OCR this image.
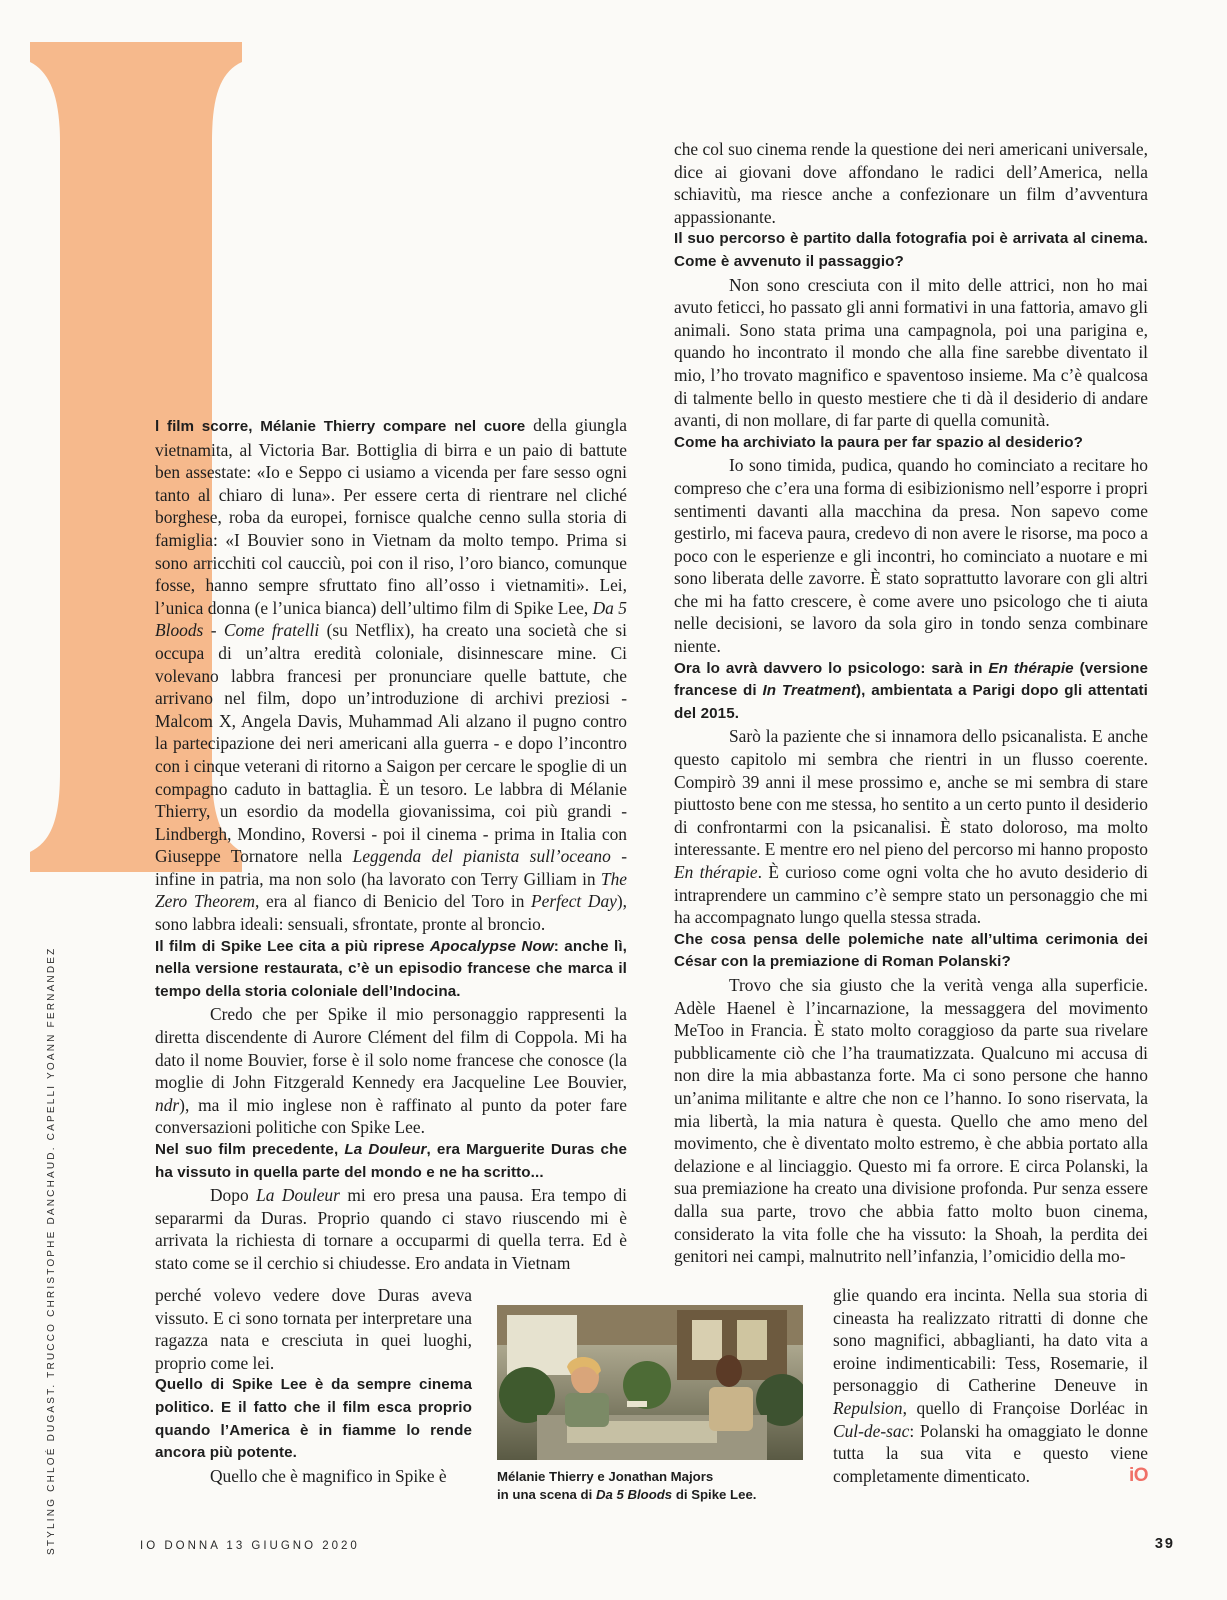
l film scorre, Mélanie Thierry compare nel cuore della giungla vietnamita, al Victoria Bar. Bottiglia di birra e un paio di battute ben assestate: «Io e Seppo ci usiamo a vicenda per fare sesso ogni tanto al chiaro di luna». Per essere certa di rientrare nel cliché borghese, roba da europei, fornisce qualche cenno sulla storia di famiglia: «I Bouvier sono in Vietnam da molto tempo. Prima si sono arricchiti col caucciù, poi con il riso, l’oro bianco, comunque fosse, hanno sempre sfruttato fino all’osso i vietnamiti». Lei, l’unica donna (e l’unica bianca) dell’ultimo film di Spike Lee, Da 5 Bloods - Come fratelli (su Netflix), ha creato una società che si occupa di un’altra eredità coloniale, disinnescare mine. Ci volevano labbra francesi per pronunciare quelle battute, che arrivano nel film, dopo un’introduzione di archivi preziosi - Malcom X, Angela Davis, Muhammad Ali alzano il pugno contro la partecipazione dei neri americani alla guerra - e dopo l’incontro con i cinque veterani di ritorno a Saigon per cercare le spoglie di un compagno caduto in battaglia. È un tesoro. Le labbra di Mélanie Thierry, un esordio da modella giovanissima, coi più grandi - Lindbergh, Mondino, Roversi - poi il cinema - prima in Italia con Giuseppe Tornatore nella Leggenda del pianista sull’oceano - infine in patria, ma non solo (ha lavorato con Terry Gilliam in The Zero Theorem, era al fianco di Benicio del Toro in Perfect Day), sono labbra ideali: sensuali, sfrontate, pronte al broncio.

Il film di Spike Lee cita a più riprese Apocalypse Now: anche lì, nella versione restaurata, c’è un episodio francese che marca il tempo della storia coloniale dell’Indocina.

Credo che per Spike il mio personaggio rappresenti la diretta discendente di Aurore Clément del film di Coppola. Mi ha dato il nome Bouvier, forse è il solo nome francese che conosce (la moglie di John Fitzgerald Kennedy era Jacqueline Lee Bouvier, ndr), ma il mio inglese non è raffinato al punto da poter fare conversazioni politiche con Spike Lee.

Nel suo film precedente, La Douleur, era Marguerite Duras che ha vissuto in quella parte del mondo e ne ha scritto...

Dopo La Douleur mi ero presa una pausa. Era tempo di separarmi da Duras. Proprio quando ci stavo riuscendo mi è arrivata la richiesta di tornare a occuparmi di quella terra. Ed è stato come se il cerchio si chiudesse. Ero andata in Vietnam

perché volevo vedere dove Duras aveva vissuto. E ci sono tornata per interpretare una ragazza nata e cresciuta in quei luoghi, proprio come lei.

Quello di Spike Lee è da sempre cinema politico. E il fatto che il film esca proprio quando l’America è in fiamme lo rende ancora più potente.

Quello che è magnifico in Spike è

che col suo cinema rende la questione dei neri americani universale, dice ai giovani dove affondano le radici dell’America, nella schiavitù, ma riesce anche a confezionare un film d’avventura appassionante.

Il suo percorso è partito dalla fotografia poi è arrivata al cinema. Come è avvenuto il passaggio?

Non sono cresciuta con il mito delle attrici, non ho mai avuto feticci, ho passato gli anni formativi in una fattoria, amavo gli animali. Sono stata prima una campagnola, poi una parigina e, quando ho incontrato il mondo che alla fine sarebbe diventato il mio, l’ho trovato magnifico e spaventoso insieme. Ma c’è qualcosa di talmente bello in questo mestiere che ti dà il desiderio di andare avanti, di non mollare, di far parte di quella comunità.

Come ha archiviato la paura per far spazio al desiderio?

Io sono timida, pudica, quando ho cominciato a recitare ho compreso che c’era una forma di esibizionismo nell’esporre i propri sentimenti davanti alla macchina da presa. Non sapevo come gestirlo, mi faceva paura, credevo di non avere le risorse, ma poco a poco con le esperienze e gli incontri, ho cominciato a nuotare e mi sono liberata delle zavorre. È stato soprattutto lavorare con gli altri che mi ha fatto crescere, è come avere uno psicologo che ti aiuta nelle decisioni, se lavoro da sola giro in tondo senza combinare niente.

Ora lo avrà davvero lo psicologo: sarà in En thérapie (versione francese di In Treatment), ambientata a Parigi dopo gli attentati del 2015.

Sarò la paziente che si innamora dello psicanalista. E anche questo capitolo mi sembra che rientri in un flusso coerente. Compirò 39 anni il mese prossimo e, anche se mi sembra di stare piuttosto bene con me stessa, ho sentito a un certo punto il desiderio di confrontarmi con la psicanalisi. È stato doloroso, ma molto interessante. E mentre ero nel pieno del percorso mi hanno proposto En thérapie. È curioso come ogni volta che ho avuto desiderio di intraprendere un cammino c’è sempre stato un personaggio che mi ha accompagnato lungo quella stessa strada.

Che cosa pensa delle polemiche nate all’ultima cerimonia dei César con la premiazione di Roman Polanski?

Trovo che sia giusto che la verità venga alla superficie. Adèle Haenel è l’incarnazione, la messaggera del movimento MeToo in Francia. È stato molto coraggioso da parte sua rivelare pubblicamente ciò che l’ha traumatizzata. Qualcuno mi accusa di non dire la mia abbastanza forte. Ma ci sono persone che hanno un’anima militante e altre che non ce l’hanno. Io sono riservata, la mia libertà, la mia natura è questa. Quello che amo meno del movimento, che è diventato molto estremo, è che abbia portato alla delazione e al linciaggio. Questo mi fa orrore. E circa Polanski, la sua premiazione ha creato una divisione profonda. Pur senza essere dalla sua parte, trovo che abbia fatto molto buon cinema, considerato la vita folle che ha vissuto: la Shoah, la perdita dei genitori nei campi, malnutrito nell’infanzia, l’omicidio della mo-

glie quando era incinta. Nella sua storia di cineasta ha realizzato ritratti di donne che sono magnifici, abbaglianti, ha dato vita a eroine indimenticabili: Tess, Rosemarie, il personaggio di Catherine Deneuve in Repulsion, quello di Françoise Dorléac in Cul-de-sac: Polanski ha omaggiato le donne tutta la sua vita e questo viene completamente dimenticato.	iO

Mélanie Thierry e Jonathan Majors
in una scena di Da 5 Bloods di Spike Lee.
STYLING CHLOÉ DUGAST. TRUCCO CHRISTOPHE DANCHAUD. CAPELLI YOANN FERNANDEZ	IO DONNA 13 GIUGNO 2020	39
